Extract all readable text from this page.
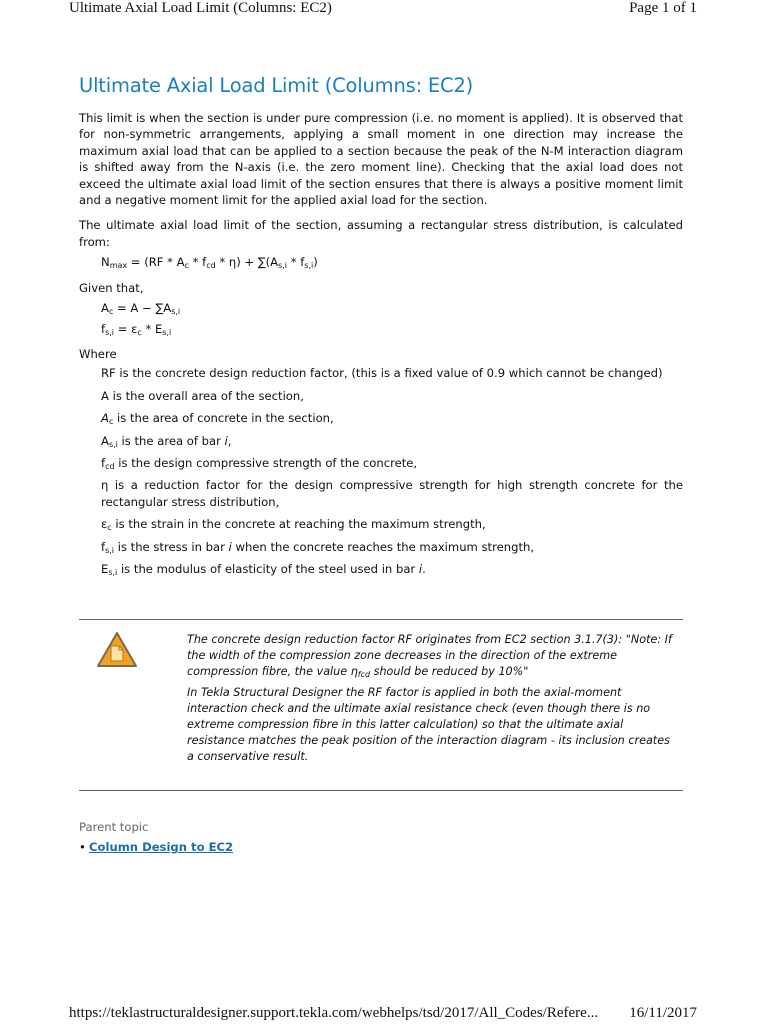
Ultimate Axial Load Limit (Columns: EC2)	Page 1 of 1
Ultimate Axial Load Limit (Columns: EC2)

This limit is when the section is under pure compression (i.e. no moment is applied). It is observed that for non-symmetric arrangements, applying a small moment in one direction may increase the maximum axial load that can be applied to a section because the peak of the N-M interaction diagram is shifted away from the N-axis (i.e. the zero moment line). Checking that the axial load does not exceed the ultimate axial load limit of the section ensures that there is always a positive moment limit and a negative moment limit for the applied axial load for the section.

The ultimate axial load limit of the section, assuming a rectangular stress distribution, is calculated from:

$N_{max} = (RF * A_c * f_{cd} * \eta) + \sum(A_{s,i} * f_{s,i})$

Given that,

$A_c = A - \sum A_{s,i}$
$f_{s,i} = \varepsilon_c * E_{s,i}$

Where

RF is the concrete design reduction factor, (this is a fixed value of 0.9 which cannot be changed)
A is the overall area of the section,
$A_c$ is the area of concrete in the section,
$A_{s,i}$ is the area of bar i,
$f_{cd}$ is the design compressive strength of the concrete,
η is a reduction factor for the design compressive strength for high strength concrete for the rectangular stress distribution,
$\varepsilon_c$ is the strain in the concrete at reaching the maximum strength,
$f_{s,i}$ is the stress in bar i when the concrete reaches the maximum strength,
$E_{s,i}$ is the modulus of elasticity of the steel used in bar i.

The concrete design reduction factor RF originates from EC2 section 3.1.7(3): "Note: If the width of the compression zone decreases in the direction of the extreme compression fibre, the value $\eta_{fcd}$ should be reduced by 10%"

In Tekla Structural Designer the RF factor is applied in both the axial-moment interaction check and the ultimate axial resistance check (even though there is no extreme compression fibre in this latter calculation) so that the ultimate axial resistance matches the peak position of the interaction diagram - its inclusion creates a conservative result.

Parent topic
• Column Design to EC2
https://teklastructuraldesigner.support.tekla.com/webhelps/tsd/2017/All_Codes/Refere... 16/11/2017
